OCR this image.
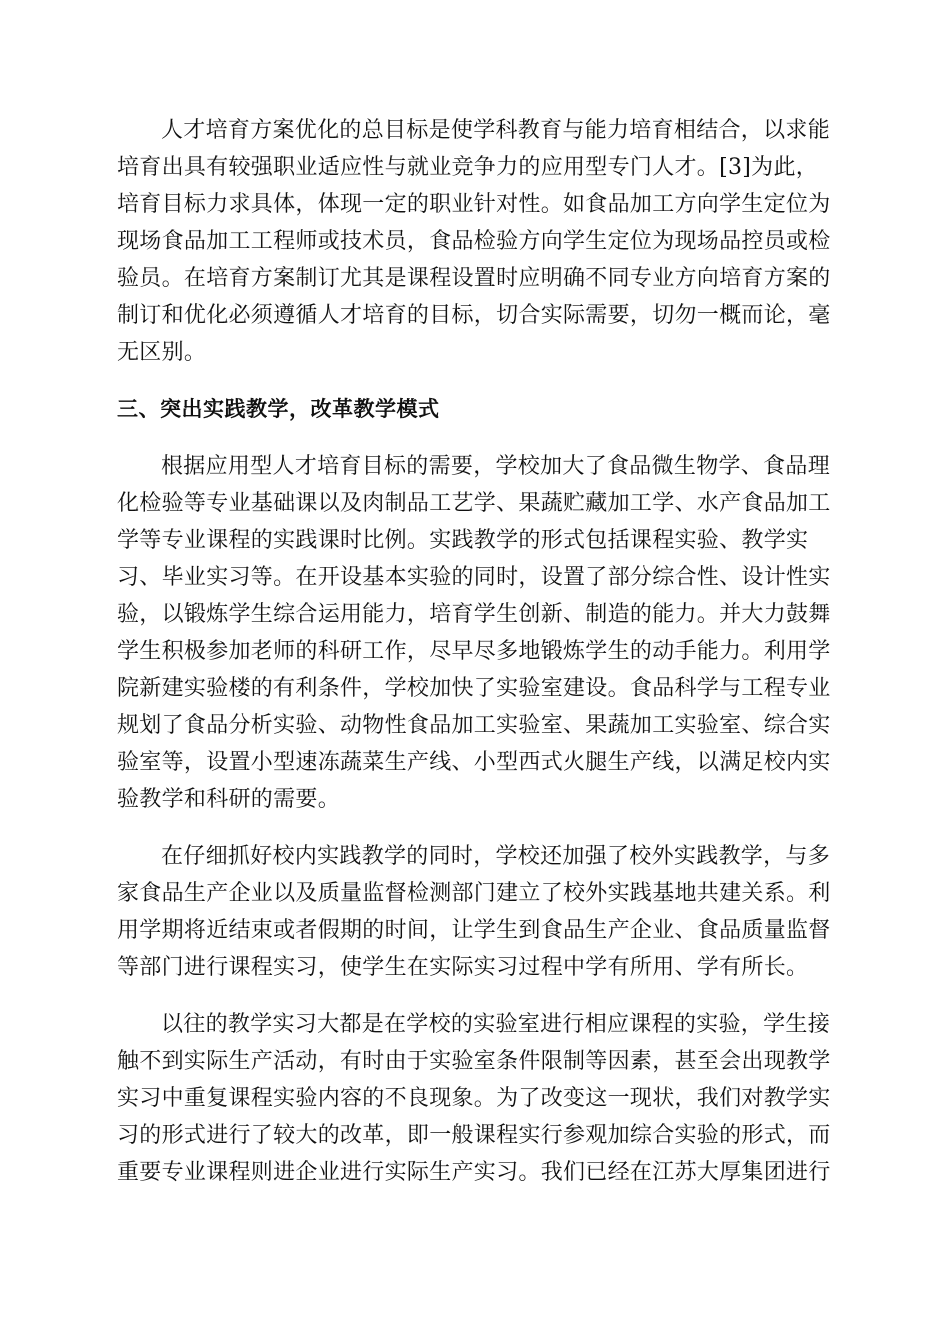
人才培育方案优化的总目标是使学科教育与能力培育相结合，以求能
培育出具有较强职业适应性与就业竞争力的应用型专门人才。[3]为此，
培育目标力求具体，体现一定的职业针对性。如食品加工方向学生定位为
现场食品加工工程师或技术员，食品检验方向学生定位为现场品控员或检
验员。在培育方案制订尤其是课程设置时应明确不同专业方向培育方案的
制订和优化必须遵循人才培育的目标，切合实际需要，切勿一概而论，毫
无区别。

三、突出实践教学，改革教学模式

根据应用型人才培育目标的需要，学校加大了食品微生物学、食品理
化检验等专业基础课以及肉制品工艺学、果蔬贮藏加工学、水产食品加工
学等专业课程的实践课时比例。实践教学的形式包括课程实验、教学实
习、毕业实习等。在开设基本实验的同时，设置了部分综合性、设计性实
验，以锻炼学生综合运用能力，培育学生创新、制造的能力。并大力鼓舞
学生积极参加老师的科研工作，尽早尽多地锻炼学生的动手能力。利用学
院新建实验楼的有利条件，学校加快了实验室建设。食品科学与工程专业
规划了食品分析实验、动物性食品加工实验室、果蔬加工实验室、综合实
验室等，设置小型速冻蔬菜生产线、小型西式火腿生产线，以满足校内实
验教学和科研的需要。

在仔细抓好校内实践教学的同时，学校还加强了校外实践教学，与多
家食品生产企业以及质量监督检测部门建立了校外实践基地共建关系。利
用学期将近结束或者假期的时间，让学生到食品生产企业、食品质量监督
等部门进行课程实习，使学生在实际实习过程中学有所用、学有所长。

以往的教学实习大都是在学校的实验室进行相应课程的实验，学生接
触不到实际生产活动，有时由于实验室条件限制等因素，甚至会出现教学
实习中重复课程实验内容的不良现象。为了改变这一现状，我们对教学实
习的形式进行了较大的改革，即一般课程实行参观加综合实验的形式，而
重要专业课程则进企业进行实际生产实习。我们已经在江苏大厚集团进行
